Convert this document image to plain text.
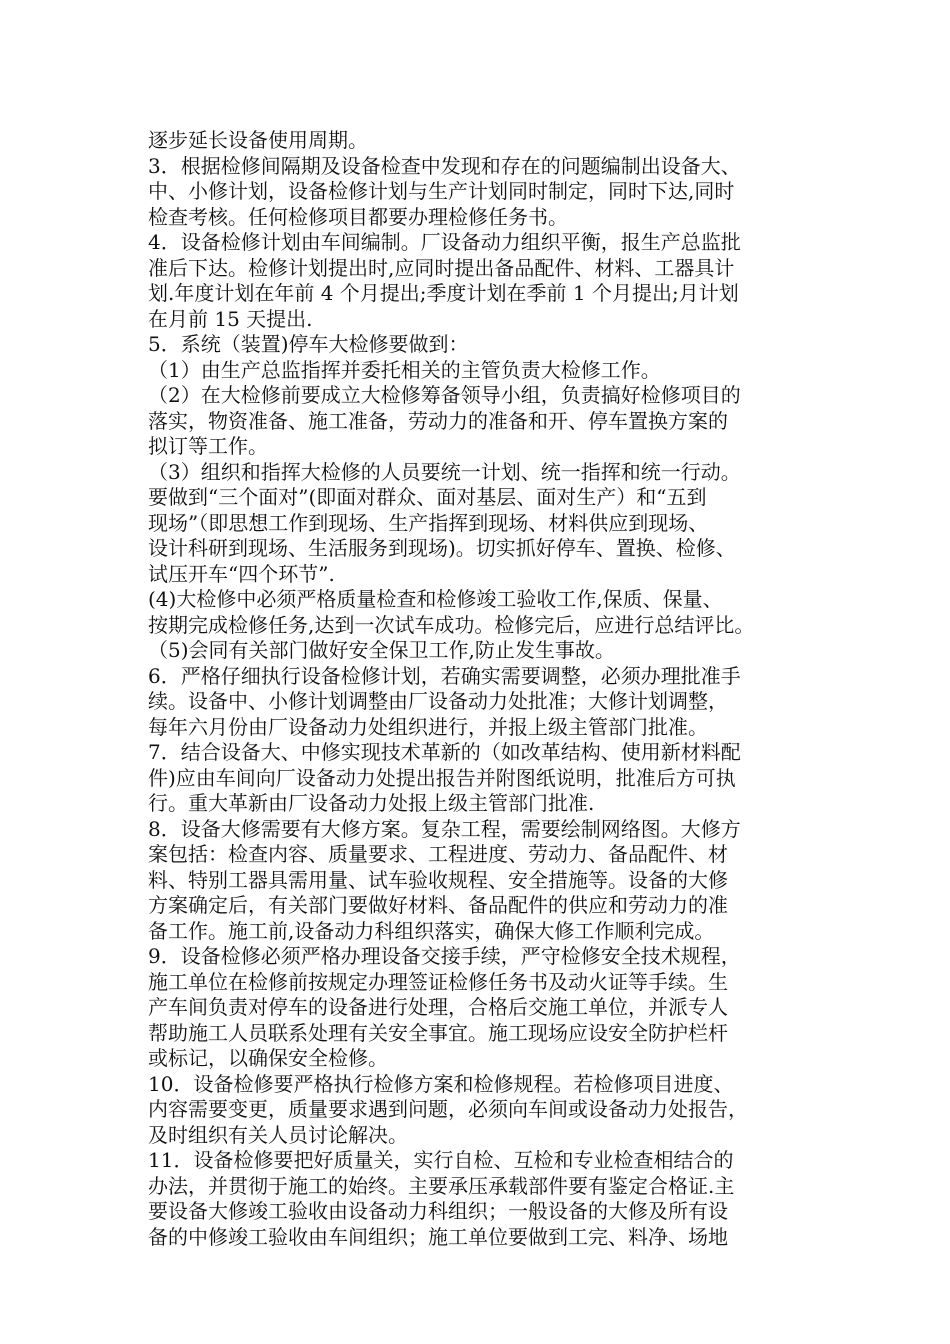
逐步延长设备使用周期。
3．根据检修间隔期及设备检查中发现和存在的问题编制出设备大、
中、小修计划，设备检修计划与生产计划同时制定，同时下达,同时
检查考核。任何检修项目都要办理检修任务书。
4．设备检修计划由车间编制。厂设备动力组织平衡，报生产总监批
准后下达。检修计划提出时,应同时提出备品配件、材料、工器具计
划.年度计划在年前 4 个月提出;季度计划在季前 1 个月提出;月计划
在月前 15 天提出.
5．系统（装置)停车大检修要做到：
（1）由生产总监指挥并委托相关的主管负责大检修工作。
（2）在大检修前要成立大检修筹备领导小组，负责搞好检修项目的
落实，物资准备、施工准备，劳动力的准备和开、停车置换方案的
拟订等工作。
（3）组织和指挥大检修的人员要统一计划、统一指挥和统一行动。
要做到“三个面对”(即面对群众、面对基层、面对生产）和“五到
现场”（即思想工作到现场、生产指挥到现场、材料供应到现场、
设计科研到现场、生活服务到现场)。切实抓好停车、置换、检修、
试压开车“四个环节”.
(4)大检修中必须严格质量检查和检修竣工验收工作,保质、保量、
按期完成检修任务,达到一次试车成功。检修完后，应进行总结评比。
（5)会同有关部门做好安全保卫工作,防止发生事故。
6．严格仔细执行设备检修计划，若确实需要调整，必须办理批准手
续。设备中、小修计划调整由厂设备动力处批准；大修计划调整，
每年六月份由厂设备动力处组织进行，并报上级主管部门批准。
7．结合设备大、中修实现技术革新的（如改革结构、使用新材料配
件)应由车间向厂设备动力处提出报告并附图纸说明，批准后方可执
行。重大革新由厂设备动力处报上级主管部门批准.
8．设备大修需要有大修方案。复杂工程，需要绘制网络图。大修方
案包括：检查内容、质量要求、工程进度、劳动力、备品配件、材
料、特别工器具需用量、试车验收规程、安全措施等。设备的大修
方案确定后，有关部门要做好材料、备品配件的供应和劳动力的准
备工作。施工前,设备动力科组织落实，确保大修工作顺利完成。
9．设备检修必须严格办理设备交接手续，严守检修安全技术规程，
施工单位在检修前按规定办理签证检修任务书及动火证等手续。生
产车间负责对停车的设备进行处理，合格后交施工单位，并派专人
帮助施工人员联系处理有关安全事宜。施工现场应设安全防护栏杆
或标记，以确保安全检修。
10．设备检修要严格执行检修方案和检修规程。若检修项目进度、
内容需要变更，质量要求遇到问题，必须向车间或设备动力处报告，
及时组织有关人员讨论解决。
11．设备检修要把好质量关，实行自检、互检和专业检查相结合的
办法，并贯彻于施工的始终。主要承压承载部件要有鉴定合格证.主
要设备大修竣工验收由设备动力科组织；一般设备的大修及所有设
备的中修竣工验收由车间组织；施工单位要做到工完、料净、场地
